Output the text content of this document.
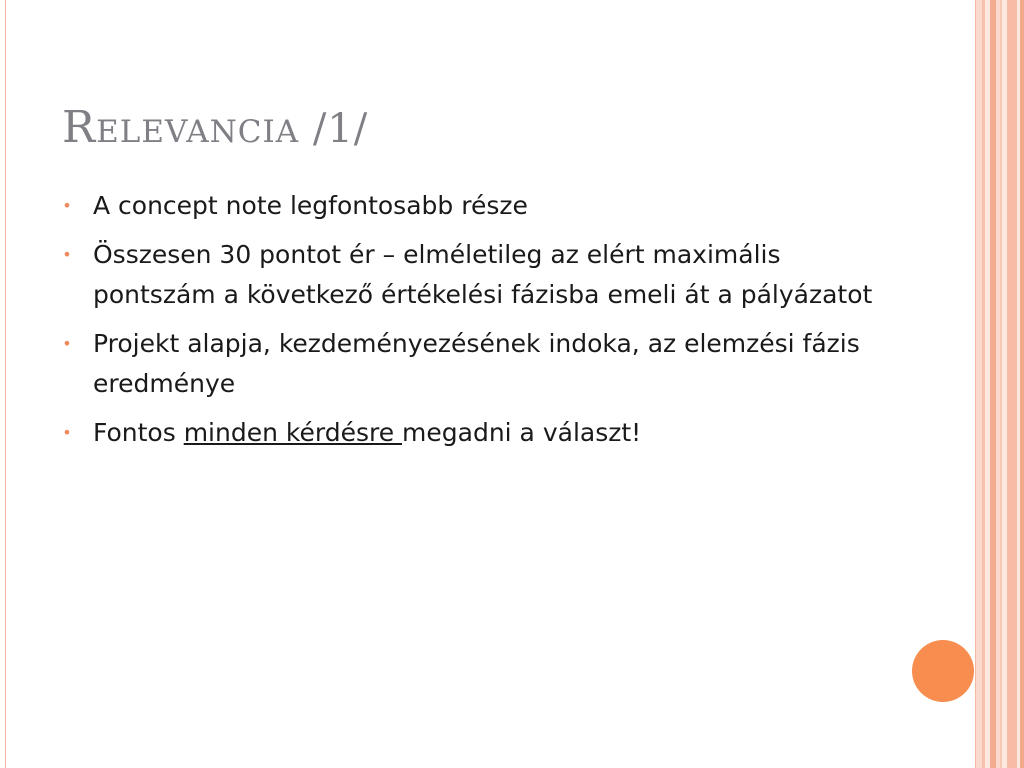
RELEVANCIA /1/
• A concept note legfontosabb része
• Összesen 30 pontot ér – elméletileg az elért maximális pontszám a következő értékelési fázisba emeli át a pályázatot
• Projekt alapja, kezdeményezésének indoka, az elemzési fázis eredménye
• Fontos minden kérdésre megadni a választ!
